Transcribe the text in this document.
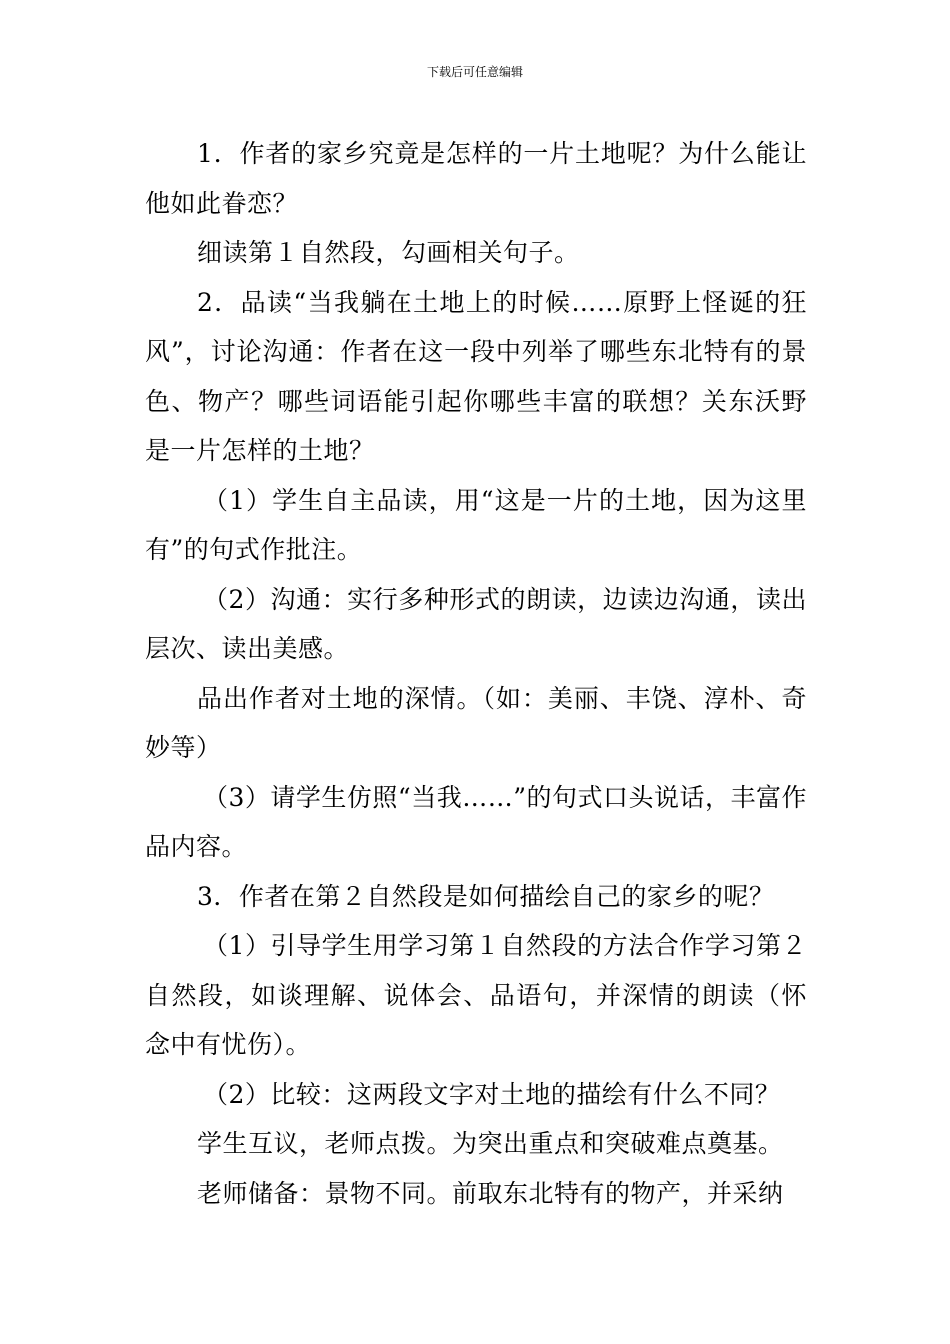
下载后可任意编辑

1．作者的家乡究竟是怎样的一片土地呢？为什么能让他如此眷恋？

细读第１自然段，勾画相关句子。

2．品读“当我躺在土地上的时候……原野上怪诞的狂风”，讨论沟通：作者在这一段中列举了哪些东北特有的景色、物产？哪些词语能引起你哪些丰富的联想？关东沃野是一片怎样的土地？

（1）学生自主品读，用“这是一片的土地，因为这里有”的句式作批注。

（2）沟通：实行多种形式的朗读，边读边沟通，读出层次、读出美感。

品出作者对土地的深情。（如：美丽、丰饶、淳朴、奇妙等）

（3）请学生仿照“当我……”的句式口头说话，丰富作品内容。

3．作者在第２自然段是如何描绘自己的家乡的呢？

（1）引导学生用学习第１自然段的方法合作学习第２自然段，如谈理解、说体会、品语句，并深情的朗读（怀念中有忧伤）。

（2）比较：这两段文字对土地的描绘有什么不同？

学生互议，老师点拨。为突出重点和突破难点奠基。

老师储备：景物不同。前取东北特有的物产，并采纳
